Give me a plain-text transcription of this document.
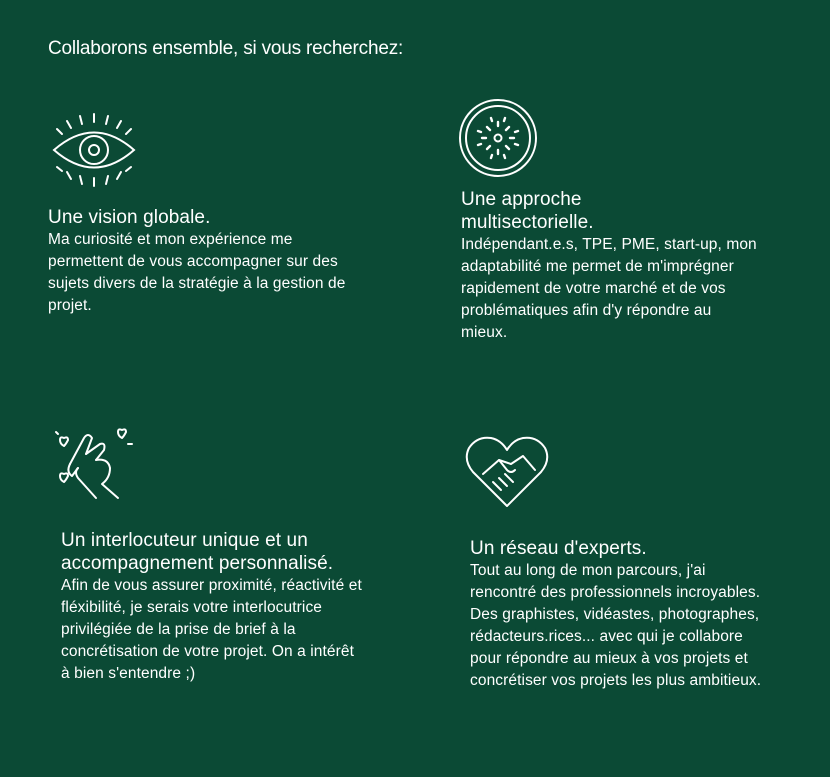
Collaborons ensemble, si vous recherchez:
Une vision globale.

Ma curiosité et mon expérience me permettent de vous accompagner sur des sujets divers de la stratégie à la gestion de projet.

Une approche multisectorielle.

Indépendant.e.s, TPE, PME, start-up, mon adaptabilité me permet de m'imprégner rapidement de votre marché et de vos problématiques afin d'y répondre au mieux.

Un interlocuteur unique et un accompagnement personnalisé.

Afin de vous assurer proximité, réactivité et fléxibilité, je serais votre interlocutrice privilégiée de la prise de brief à la concrétisation de votre projet. On a intérêt à bien s'entendre ;)

Un réseau d'experts.

Tout au long de mon parcours, j'ai rencontré des professionnels incroyables. Des graphistes, vidéastes, photographes, rédacteurs.rices... avec qui je collabore pour répondre au mieux à vos projets et concrétiser vos projets les plus ambitieux.
